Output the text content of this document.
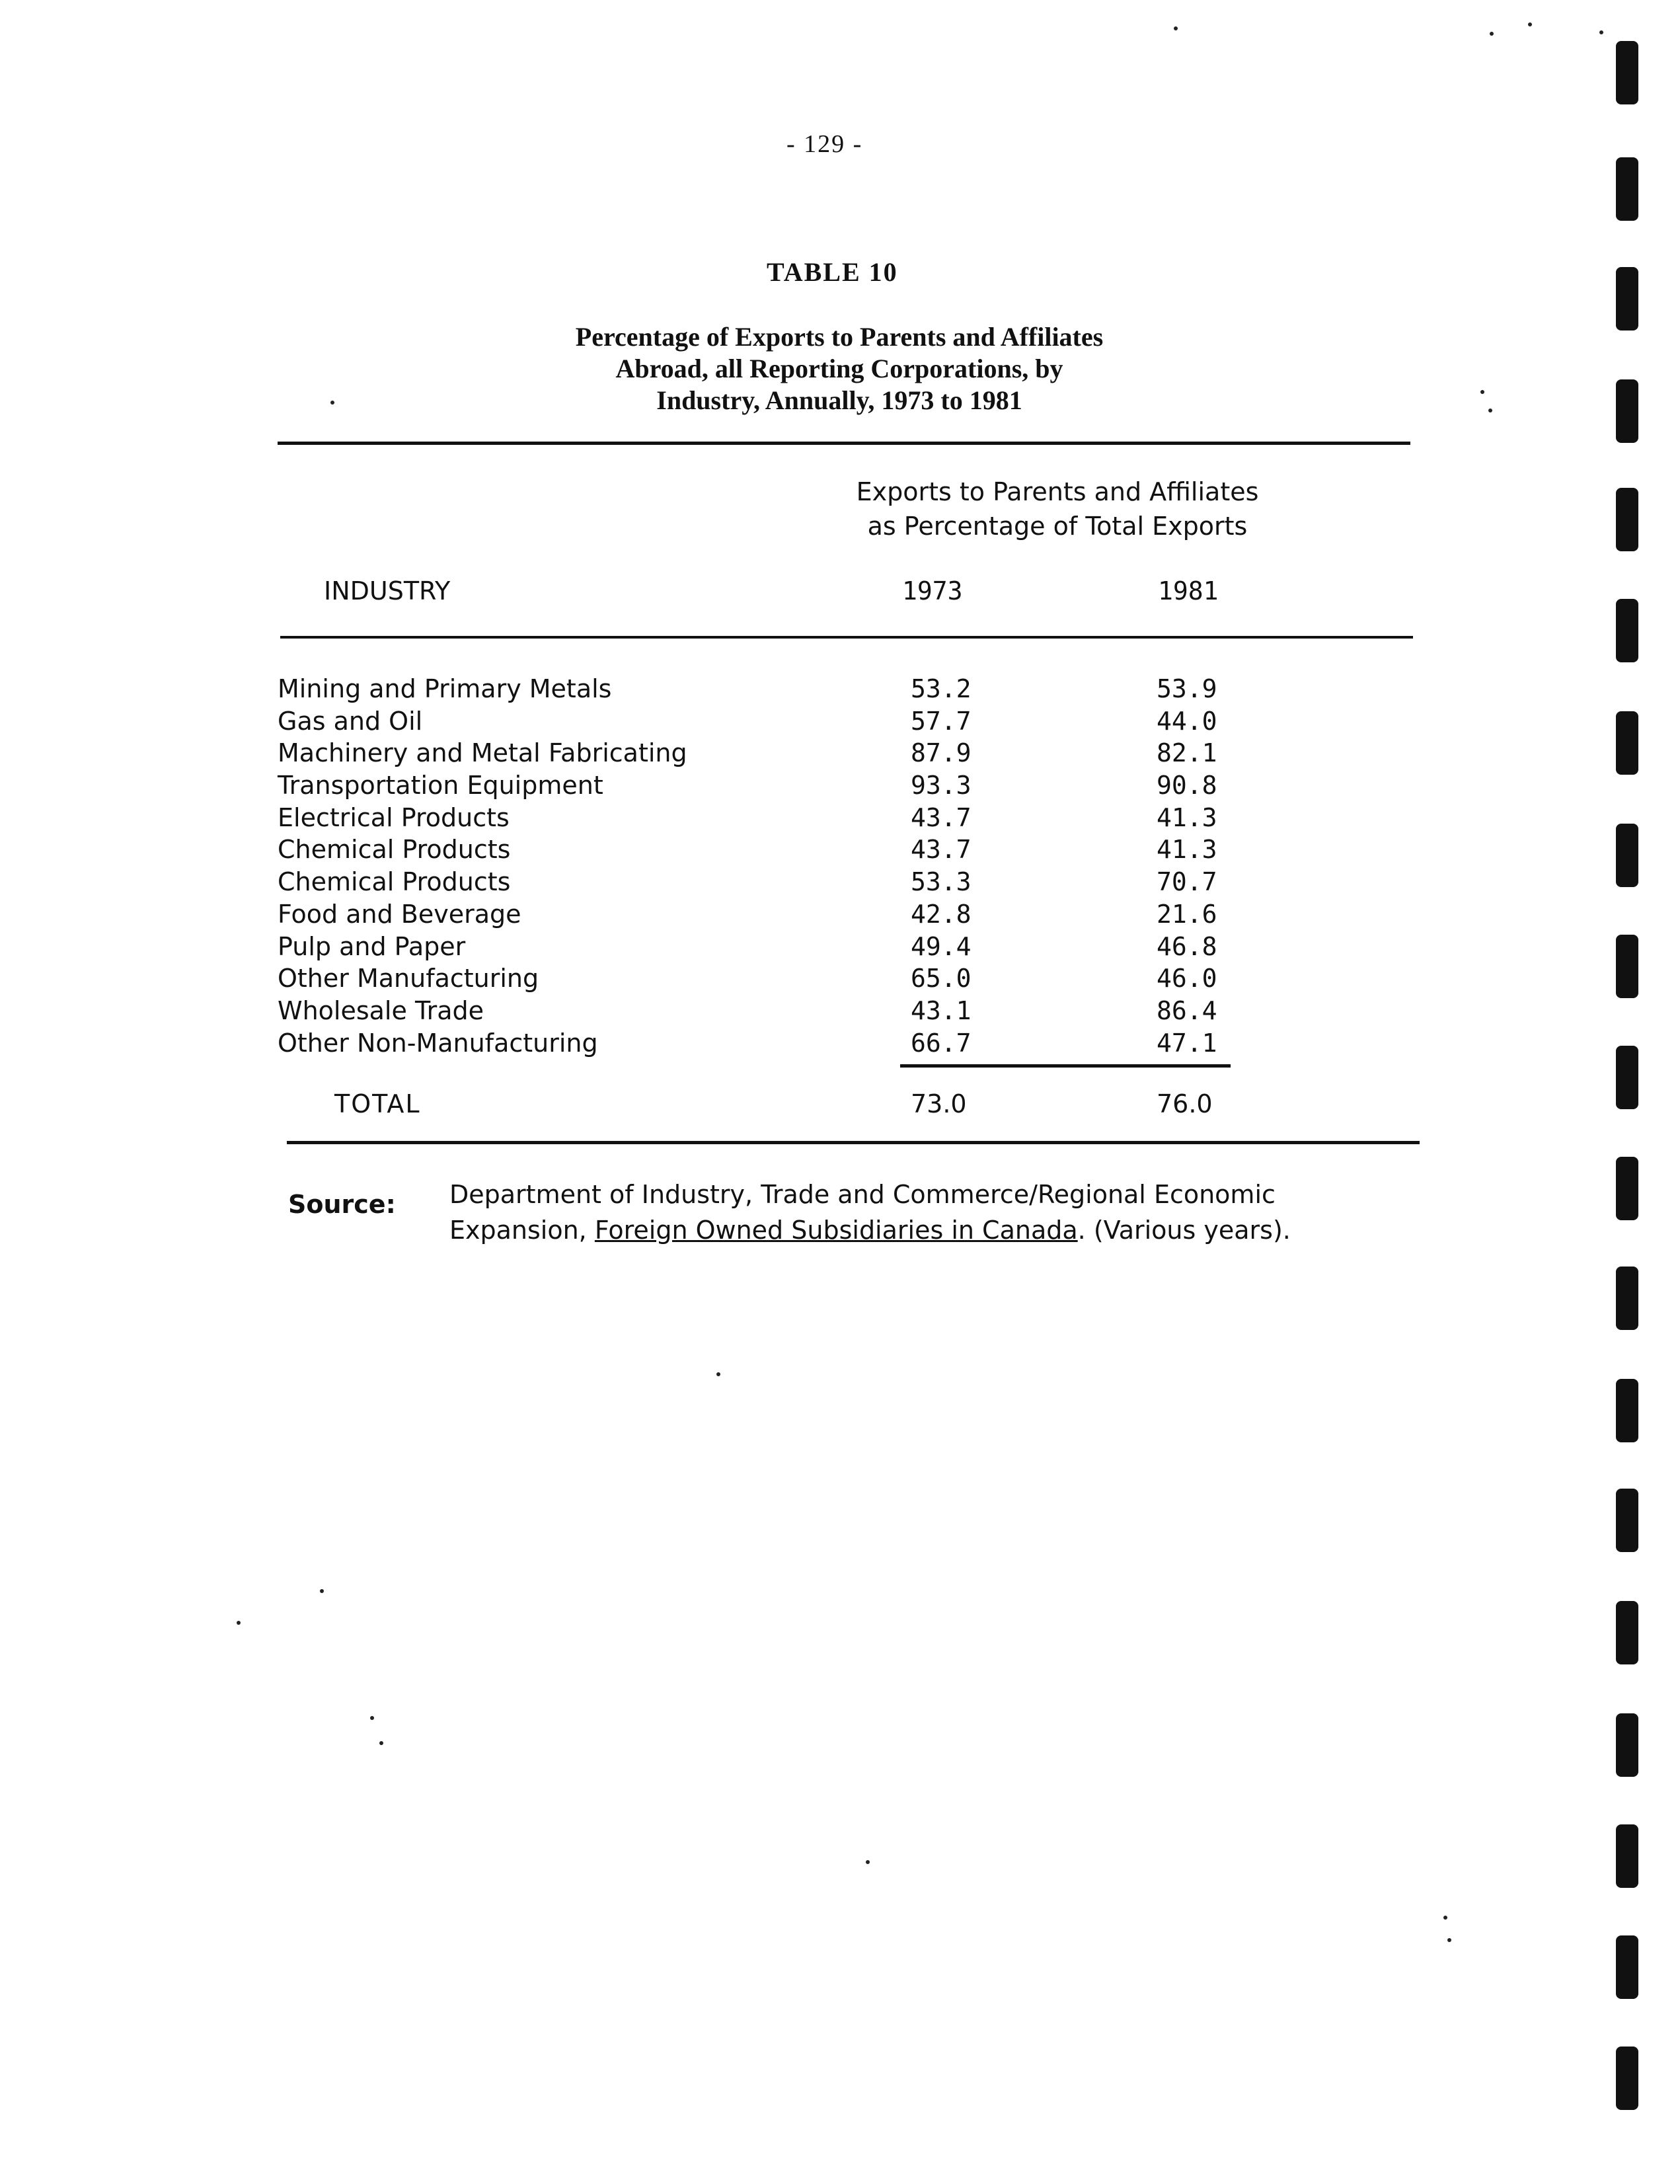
- 129 -
TABLE 10
Percentage of Exports to Parents and Affiliates
Abroad, all Reporting Corporations, by
Industry, Annually, 1973 to 1981
Exports to Parents and Affiliates
as Percentage of Total Exports
INDUSTRY	1973	1981
Mining and Primary Metals	53.2	53.9
Gas and Oil	57.7	44.0
Machinery and Metal Fabricating	87.9	82.1
Transportation Equipment	93.3	90.8
Electrical Products	43.7	41.3
Chemical Products	43.7	41.3
Chemical Products	53.3	70.7
Food and Beverage	42.8	21.6
Pulp and Paper	49.4	46.8
Other Manufacturing	65.0	46.0
Wholesale Trade	43.1	86.4
Other Non-Manufacturing	66.7	47.1
TOTAL	73.0	76.0
Source: Department of Industry, Trade and Commerce/Regional Economic
Expansion, Foreign Owned Subsidiaries in Canada. (Various years).
